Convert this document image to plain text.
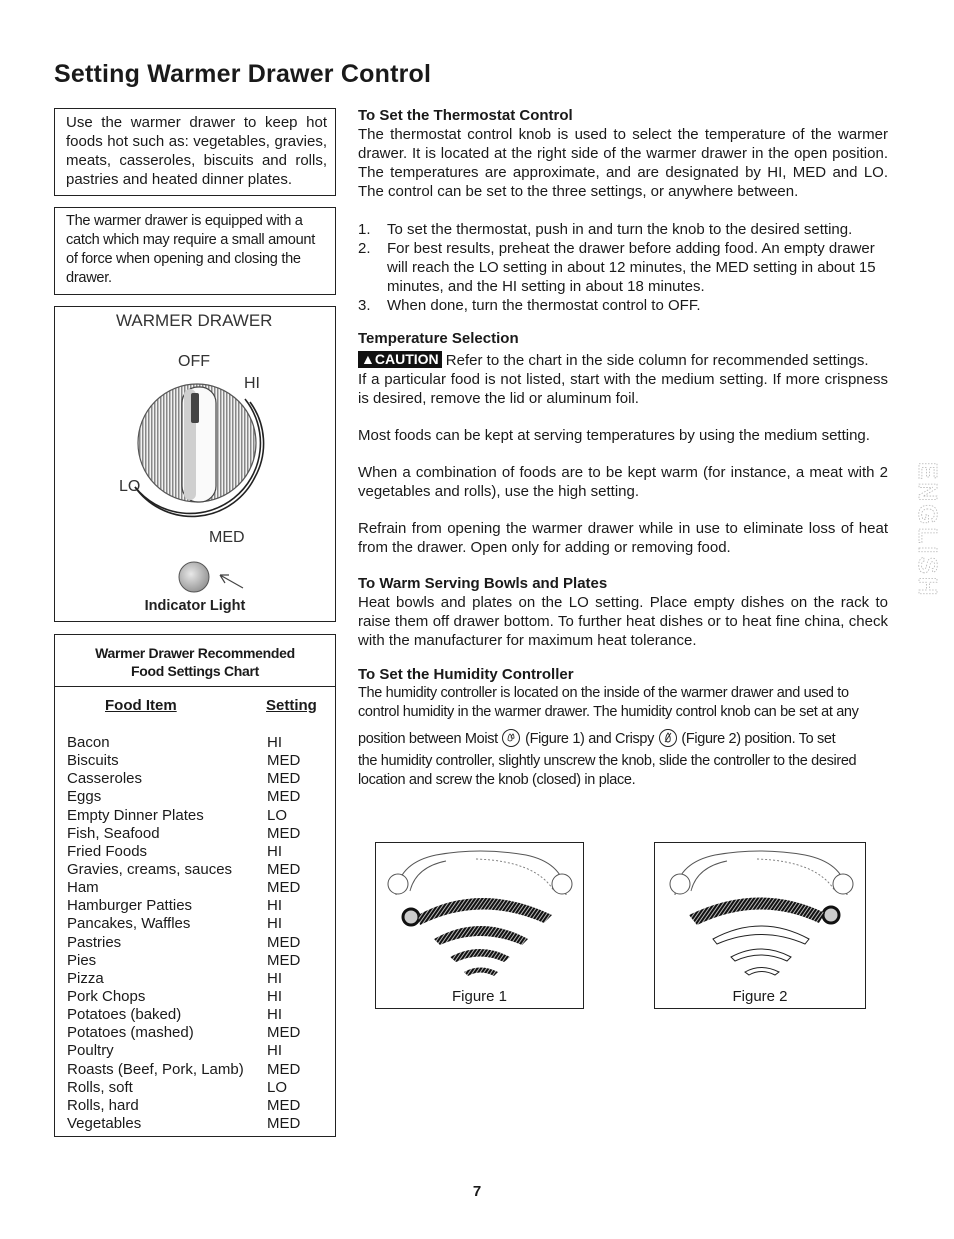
Setting Warmer Drawer Control
Use the warmer drawer to keep hot foods hot such as: vegetables, gravies, meats, casseroles, biscuits and rolls, pastries and heated dinner plates.
The warmer drawer is equipped with a catch which may require a small amount of force when opening and closing the drawer.
WARMER DRAWER
OFF
HI
LO
MED
Indicator Light
Warmer Drawer Recommended
Food Settings Chart
Food Item	Setting
Bacon	HI
Biscuits	MED
Casseroles	MED
Eggs	MED
Empty Dinner Plates	LO
Fish, Seafood	MED
Fried Foods	HI
Gravies, creams, sauces	MED
Ham	MED
Hamburger Patties	HI
Pancakes, Waffles	HI
Pastries	MED
Pies	MED
Pizza	HI
Pork Chops	HI
Potatoes (baked)	HI
Potatoes (mashed)	MED
Poultry	HI
Roasts (Beef, Pork, Lamb)	MED
Rolls, soft	LO
Rolls, hard	MED
Vegetables	MED
To Set the Thermostat Control

The thermostat control knob is used to select the temperature of the warmer drawer. It is located at the right side of the warmer drawer in the open position. The temperatures are approximate, and are designated by HI, MED and LO. The control can be set to the three settings, or anywhere between.

1. To set the thermostat, push in and turn the knob to the desired setting.
2. For best results, preheat the drawer before adding food. An empty drawer will reach the LO setting in about 12 minutes, the MED setting in about 15 minutes, and the HI setting in about 18 minutes.
3. When done, turn the thermostat control to OFF.
Temperature Selection

▲CAUTION Refer to the chart in the side column for recommended settings.

If a particular food is not listed, start with the medium setting. If more crispness is desired, remove the lid or aluminum foil.

Most foods can be kept at serving temperatures by using the medium setting.

When a combination of foods are to be kept warm (for instance, a meat with 2 vegetables and rolls), use the high setting.

Refrain from opening the warmer drawer while in use to eliminate loss of heat from the drawer. Open only for adding or removing food.

To Warm Serving Bowls and Plates

Heat bowls and plates on the LO setting. Place empty dishes on the rack to raise them off drawer bottom. To further heat dishes or to heat fine china, check with the manufacturer for maximum heat tolerance.

To Set the Humidity Controller

The humidity controller is located on the inside of the warmer drawer and used to control humidity in the warmer drawer. The humidity control knob can be set at any

position between Moist  (Figure 1) and Crispy  (Figure 2) position. To set

the humidity controller, slightly unscrew the knob, slide the controller to the desired location and screw the knob (closed) in place.

Figure 1	Figure 2
ENGLISH
7
